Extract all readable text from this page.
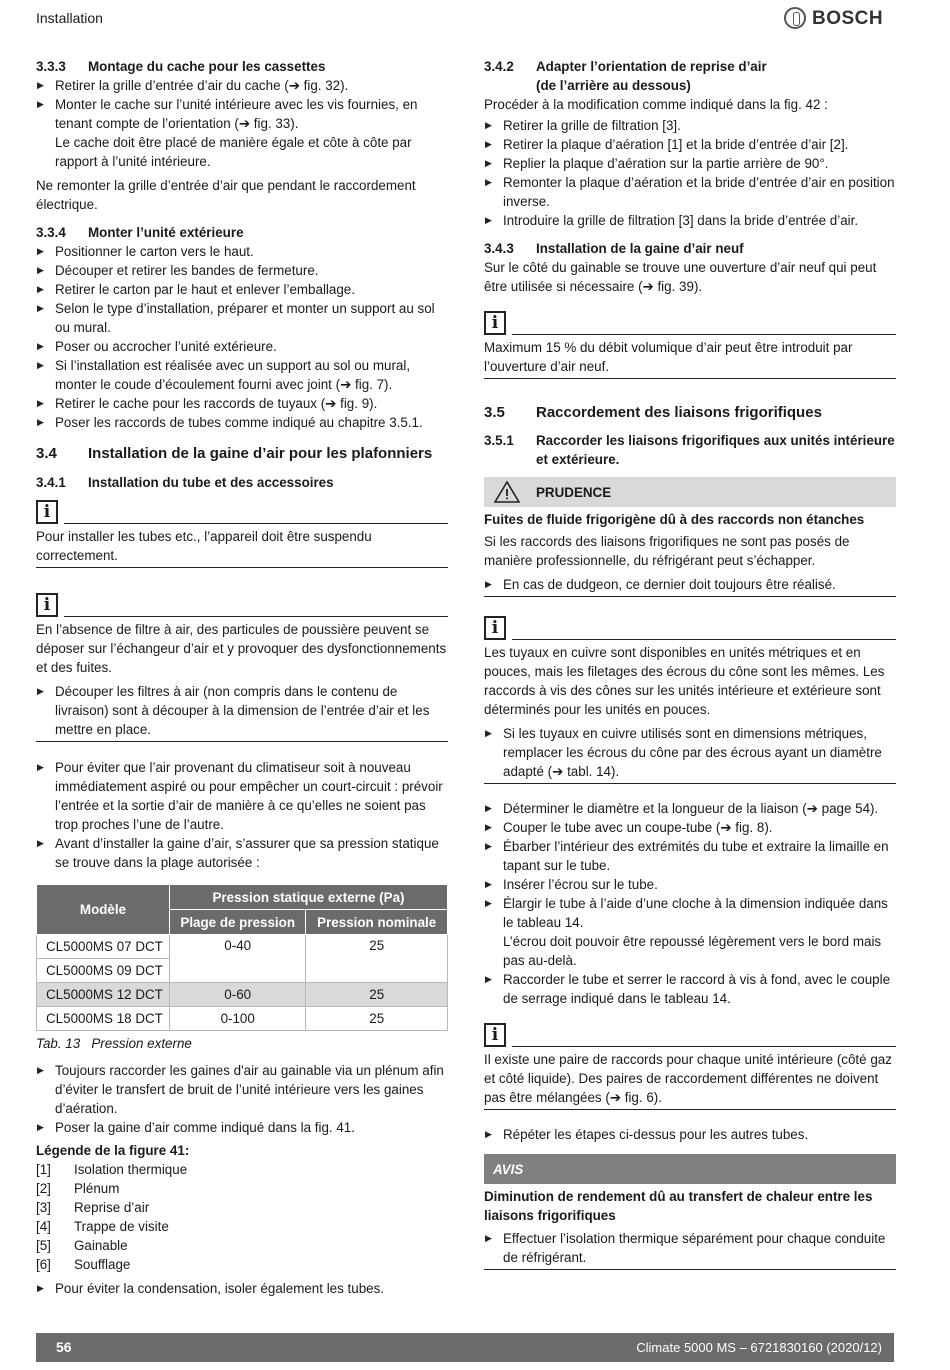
Installation	BOSCH

3.3.3 Montage du cache pour les cassettes

▶ Retirer la grille d’entrée d’air du cache (➔ fig. 32).
▶ Monter le cache sur l’unité intérieure avec les vis fournies, en tenant compte de l’orientation (➔ fig. 33).
Le cache doit être placé de manière égale et côte à côte par rapport à l’unité intérieure.

Ne remonter la grille d’entrée d’air que pendant le raccordement électrique.

3.3.4 Monter l’unité extérieure

▶ Positionner le carton vers le haut.
▶ Découper et retirer les bandes de fermeture.
▶ Retirer le carton par le haut et enlever l’emballage.
▶ Selon le type d’installation, préparer et monter un support au sol ou mural.
▶ Poser ou accrocher l’unité extérieure.
▶ Si l’installation est réalisée avec un support au sol ou mural, monter le coude d’écoulement fourni avec joint (➔ fig. 7).
▶ Retirer le cache pour les raccords de tuyaux (➔ fig. 9).
▶ Poser les raccords de tubes comme indiqué au chapitre 3.5.1.

3.4 Installation de la gaine d’air pour les plafonniers

3.4.1 Installation du tube et des accessoires

i

Pour installer les tubes etc., l’appareil doit être suspendu correctement.

i

En l’absence de filtre à air, des particules de poussière peuvent se déposer sur l’échangeur d’air et y provoquer des dysfonctionnements et des fuites.

▶ Découper les filtres à air (non compris dans le contenu de livraison) sont à découper à la dimension de l’entrée d’air et les mettre en place.
▶ Pour éviter que l’air provenant du climatiseur soit à nouveau immédiatement aspiré ou pour empêcher un court-circuit : prévoir l’entrée et la sortie d’air de manière à ce qu’elles ne soient pas trop proches l’une de l’autre.
▶ Avant d’installer la gaine d’air, s’assurer que sa pression statique se trouve dans la plage autorisée :
Modèle	Pression statique externe (Pa)	
	Plage de pression	Pression nominale
CL5000MS 07 DCT	0-40	25
CL5000MS 09 DCT		
CL5000MS 12 DCT	0-60	25
CL5000MS 18 DCT	0-100	25

Tab. 13 Pression externe

▶ Toujours raccorder les gaines d'air au gainable via un plénum afin d’éviter le transfert de bruit de l’unité intérieure vers les gaines d’aération.
▶ Poser la gaine d’air comme indiqué dans la fig. 41.

Légende de la figure 41:

[1]	Isolation thermique
[2]	Plénum
[3]	Reprise d’air
[4]	Trappe de visite
[5]	Gainable
[6]	Soufflage
▶ Pour éviter la condensation, isoler également les tubes.
3.4.2	Adapter l’orientation de reprise d’air
(de l’arrière au dessous)

Procéder à la modification comme indiqué dans la fig. 42 :

▶ Retirer la grille de filtration [3].
▶ Retirer la plaque d’aération [1] et la bride d’entrée d’air [2].
▶ Replier la plaque d’aération sur la partie arrière de 90°.
▶ Remonter la plaque d’aération et la bride d’entrée d’air en position inverse.
▶ Introduire la grille de filtration [3] dans la bride d’entrée d’air.

3.4.3 Installation de la gaine d’air neuf

Sur le côté du gainable se trouve une ouverture d’air neuf qui peut être utilisée si nécessaire (➔ fig. 39).

i

Maximum 15 % du débit volumique d’air peut être introduit par l’ouverture d’air neuf.

3.5 Raccordement des liaisons frigorifiques

3.5.1	Raccorder les liaisons frigorifiques aux unités intérieure et extérieure.
PRUDENCE

Fuites de fluide frigorigène dû à des raccords non étanches

Si les raccords des liaisons frigorifiques ne sont pas posés de manière professionnelle, du réfrigérant peut s’échapper.

▶ En cas de dudgeon, ce dernier doit toujours être réalisé.
i

Les tuyaux en cuivre sont disponibles en unités métriques et en pouces, mais les filetages des écrous du cône sont les mêmes. Les raccords à vis des cônes sur les unités intérieure et extérieure sont déterminés pour les unités en pouces.

▶ Si les tuyaux en cuivre utilisés sont en dimensions métriques, remplacer les écrous du cône par des écrous ayant un diamètre adapté (➔ tabl. 14).
▶ Déterminer le diamètre et la longueur de la liaison (➔ page 54).
▶ Couper le tube avec un coupe-tube (➔ fig. 8).
▶ Ébarber l’intérieur des extrémités du tube et extraire la limaille en tapant sur le tube.
▶ Insérer l’écrou sur le tube.
▶ Élargir le tube à l’aide d’une cloche à la dimension indiquée dans le tableau 14.
L’écrou doit pouvoir être repoussé légèrement vers le bord mais pas au-delà.
▶ Raccorder le tube et serrer le raccord à vis à fond, avec le couple de serrage indiqué dans le tableau 14.
i

Il existe une paire de raccords pour chaque unité intérieure (côté gaz et côté liquide). Des paires de raccordement différentes ne doivent pas être mélangées (➔ fig. 6).

▶ Répéter les étapes ci-dessus pour les autres tubes.
AVIS

Diminution de rendement dû au transfert de chaleur entre les liaisons frigorifiques

▶ Effectuer l’isolation thermique séparément pour chaque conduite de réfrigérant.
56	Climate 5000 MS – 6721830160 (2020/12)
